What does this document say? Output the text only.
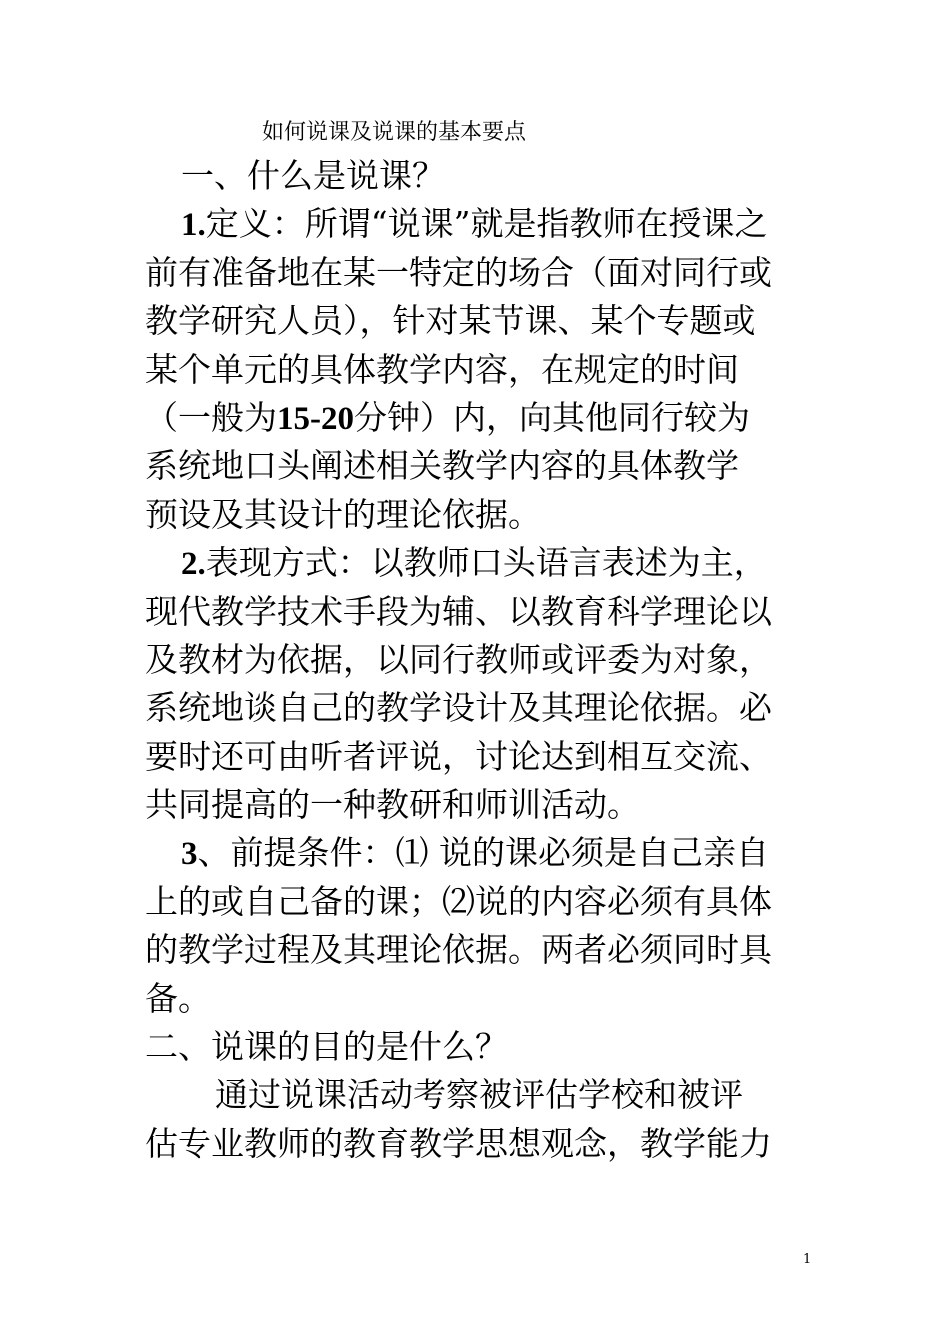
如何说课及说课的基本要点
一、什么是说课？
1.定义：所谓“说课”就是指教师在授课之
前有准备地在某一特定的场合（面对同行或
教学研究人员），针对某节课、某个专题或
某个单元的具体教学内容，在规定的时间
（一般为15-20分钟）内，向其他同行较为
系统地口头阐述相关教学内容的具体教学
预设及其设计的理论依据。
2.表现方式：以教师口头语言表述为主，
现代教学技术手段为辅、以教育科学理论以
及教材为依据，以同行教师或评委为对象，
系统地谈自己的教学设计及其理论依据。必
要时还可由听者评说，讨论达到相互交流、
共同提高的一种教研和师训活动。
3、前提条件：⑴ 说的课必须是自己亲自
上的或自己备的课；⑵说的内容必须有具体
的教学过程及其理论依据。两者必须同时具
备。
二、说课的目的是什么？
通过说课活动考察被评估学校和被评
估专业教师的教育教学思想观念，教学能力
1
